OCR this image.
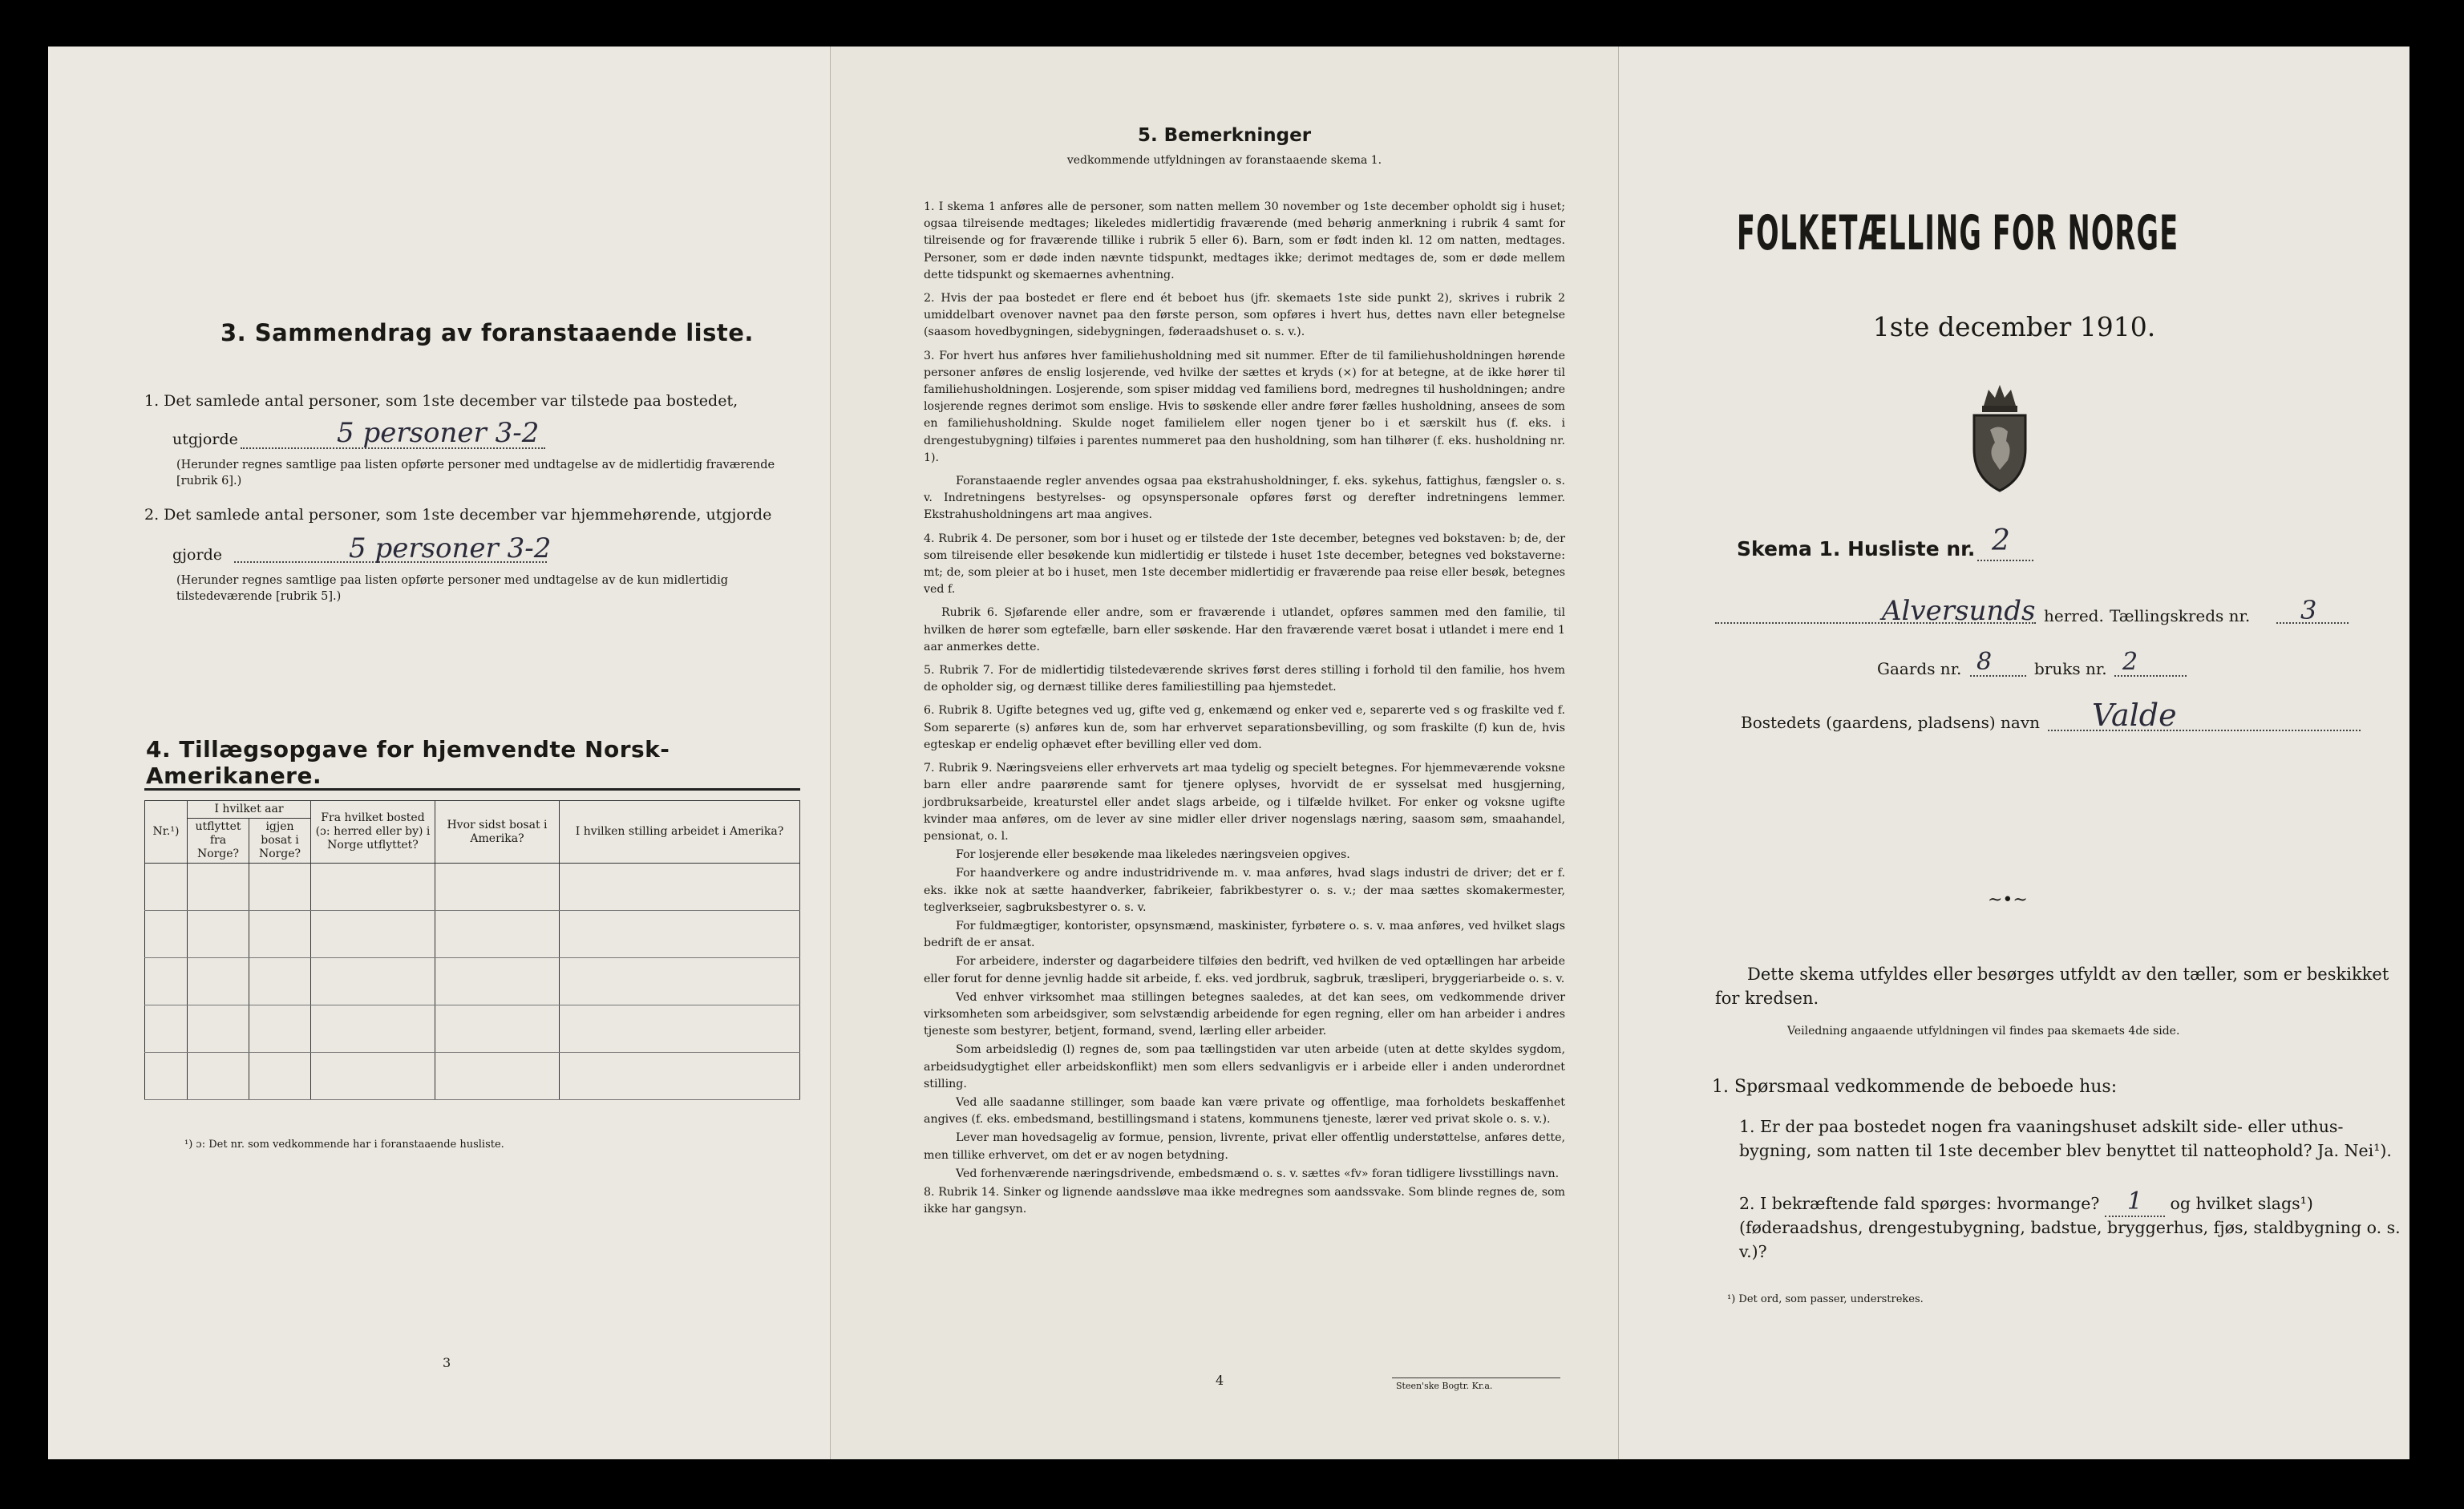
3. Sammendrag av foranstaaende liste.
1. Det samlede antal personer, som 1ste december var tilstede paa bostedet,
utgjorde	5 personer 3-2
(Herunder regnes samtlige paa listen opførte personer med undtagelse av de midlertidig fraværende [rubrik 6].)
2. Det samlede antal personer, som 1ste december var hjemmehørende, utgjorde
gjorde	5 personer 3-2
(Herunder regnes samtlige paa listen opførte personer med undtagelse av de kun midlertidig tilstedeværende [rubrik 5].)
4. Tillægsopgave for hjemvendte Norsk-Amerikanere.
Nr.¹)	I hvilket aar		Fra hvilket bosted (ɔ: herred eller by) i Norge utflyttet?	Hvor sidst bosat i Amerika?	I hvilken stilling arbeidet i Amerika?
	utflyttet fra Norge?	igjen bosat i Norge?			

¹) ɔ: Det nr. som vedkommende har i foranstaaende husliste.
3
5. Bemerkninger
vedkommende utfyldningen av foranstaaende skema 1.

1. I skema 1 anføres alle de personer, som natten mellem 30 november og 1ste december opholdt sig i huset; ogsaa tilreisende medtages; likeledes midlertidig fraværende (med behørig anmerkning i rubrik 4 samt for tilreisende og for fraværende tillike i rubrik 5 eller 6). Barn, som er født inden kl. 12 om natten, medtages. Personer, som er døde inden nævnte tidspunkt, medtages ikke; derimot medtages de, som er døde mellem dette tidspunkt og skemaernes avhentning.

2. Hvis der paa bostedet er flere end ét beboet hus (jfr. skemaets 1ste side punkt 2), skrives i rubrik 2 umiddelbart ovenover navnet paa den første person, som opføres i hvert hus, dettes navn eller betegnelse (saasom hovedbygningen, sidebygningen, føderaadshuset o. s. v.).

3. For hvert hus anføres hver familiehusholdning med sit nummer. Efter de til familiehusholdningen hørende personer anføres de enslig losjerende, ved hvilke der sættes et kryds (×) for at betegne, at de ikke hører til familiehusholdningen. Losjerende, som spiser middag ved familiens bord, medregnes til husholdningen; andre losjerende regnes derimot som enslige. Hvis to søskende eller andre fører fælles husholdning, ansees de som en familiehusholdning. Skulde noget familielem eller nogen tjener bo i et særskilt hus (f. eks. i drengestubygning) tilføies i parentes nummeret paa den husholdning, som han tilhører (f. eks. husholdning nr. 1).

Foranstaaende regler anvendes ogsaa paa ekstrahusholdninger, f. eks. sykehus, fattighus, fængsler o. s. v. Indretningens bestyrelses- og opsynspersonale opføres først og derefter indretningens lemmer. Ekstrahusholdningens art maa angives.

4. Rubrik 4. De personer, som bor i huset og er tilstede der 1ste december, betegnes ved bokstaven: b; de, der som tilreisende eller besøkende kun midlertidig er tilstede i huset 1ste december, betegnes ved bokstaverne: mt; de, som pleier at bo i huset, men 1ste december midlertidig er fraværende paa reise eller besøk, betegnes ved f.

Rubrik 6. Sjøfarende eller andre, som er fraværende i utlandet, opføres sammen med den familie, til hvilken de hører som egtefælle, barn eller søskende. Har den fraværende været bosat i utlandet i mere end 1 aar anmerkes dette.

5. Rubrik 7. For de midlertidig tilstedeværende skrives først deres stilling i forhold til den familie, hos hvem de opholder sig, og dernæst tillike deres familiestilling paa hjemstedet.

6. Rubrik 8. Ugifte betegnes ved ug, gifte ved g, enkemænd og enker ved e, separerte ved s og fraskilte ved f. Som separerte (s) anføres kun de, som har erhvervet separationsbevilling, og som fraskilte (f) kun de, hvis egteskap er endelig ophævet efter bevilling eller ved dom.

7. Rubrik 9. Næringsveiens eller erhvervets art maa tydelig og specielt betegnes. For hjemmeværende voksne barn eller andre paarørende samt for tjenere oplyses, hvorvidt de er sysselsat med husgjerning, jordbruksarbeide, kreaturstel eller andet slags arbeide, og i tilfælde hvilket. For enker og voksne ugifte kvinder maa anføres, om de lever av sine midler eller driver nogenslags næring, saasom søm, smaahandel, pensionat, o. l.

For losjerende eller besøkende maa likeledes næringsveien opgives.

For haandverkere og andre industridrivende m. v. maa anføres, hvad slags industri de driver; det er f. eks. ikke nok at sætte haandverker, fabrikeier, fabrikbestyrer o. s. v.; der maa sættes skomakermester, teglverkseier, sagbruksbestyrer o. s. v.

For fuldmægtiger, kontorister, opsynsmænd, maskinister, fyrbøtere o. s. v. maa anføres, ved hvilket slags bedrift de er ansat.

For arbeidere, inderster og dagarbeidere tilføies den bedrift, ved hvilken de ved optællingen har arbeide eller forut for denne jevnlig hadde sit arbeide, f. eks. ved jordbruk, sagbruk, træsliperi, bryggeriarbeide o. s. v.

Ved enhver virksomhet maa stillingen betegnes saaledes, at det kan sees, om vedkommende driver virksomheten som arbeidsgiver, som selvstændig arbeidende for egen regning, eller om han arbeider i andres tjeneste som bestyrer, betjent, formand, svend, lærling eller arbeider.

Som arbeidsledig (l) regnes de, som paa tællingstiden var uten arbeide (uten at dette skyldes sygdom, arbeidsudygtighet eller arbeidskonflikt) men som ellers sedvanligvis er i arbeide eller i anden underordnet stilling.

Ved alle saadanne stillinger, som baade kan være private og offentlige, maa forholdets beskaffenhet angives (f. eks. embedsmand, bestillingsmand i statens, kommunens tjeneste, lærer ved privat skole o. s. v.).

Lever man hovedsagelig av formue, pension, livrente, privat eller offentlig understøttelse, anføres dette, men tillike erhvervet, om det er av nogen betydning.

Ved forhenværende næringsdrivende, embedsmænd o. s. v. sættes «fv» foran tidligere livsstillings navn.

8. Rubrik 14. Sinker og lignende aandssløve maa ikke medregnes som aandssvake. Som blinde regnes de, som ikke har gangsyn.

4	Steen'ske Bogtr. Kr.a.
FOLKETÆLLING FOR NORGE
1ste december 1910.
Skema 1. Husliste nr. 2
Alversunds herred. Tællingskreds nr. 3
Gaards nr. 8	bruks nr. 2
Bostedets (gaardens, pladsens) navn Valde
~•~
Dette skema utfyldes eller besørges utfyldt av den tæller, som er beskikket for kredsen.
Veiledning angaaende utfyldningen vil findes paa skemaets 4de side.
1. Spørsmaal vedkommende de beboede hus:
1. Er der paa bostedet nogen fra vaaningshuset adskilt side- eller uthus-bygning, som natten til 1ste december blev benyttet til natteophold? Ja. Nei¹).
2. I bekræftende fald spørges: hvormange? 1 og hvilket slags¹) (føderaadshus, drengestubygning, badstue, bryggerhus, fjøs, staldbygning o. s. v.)?
¹) Det ord, som passer, understrekes.
